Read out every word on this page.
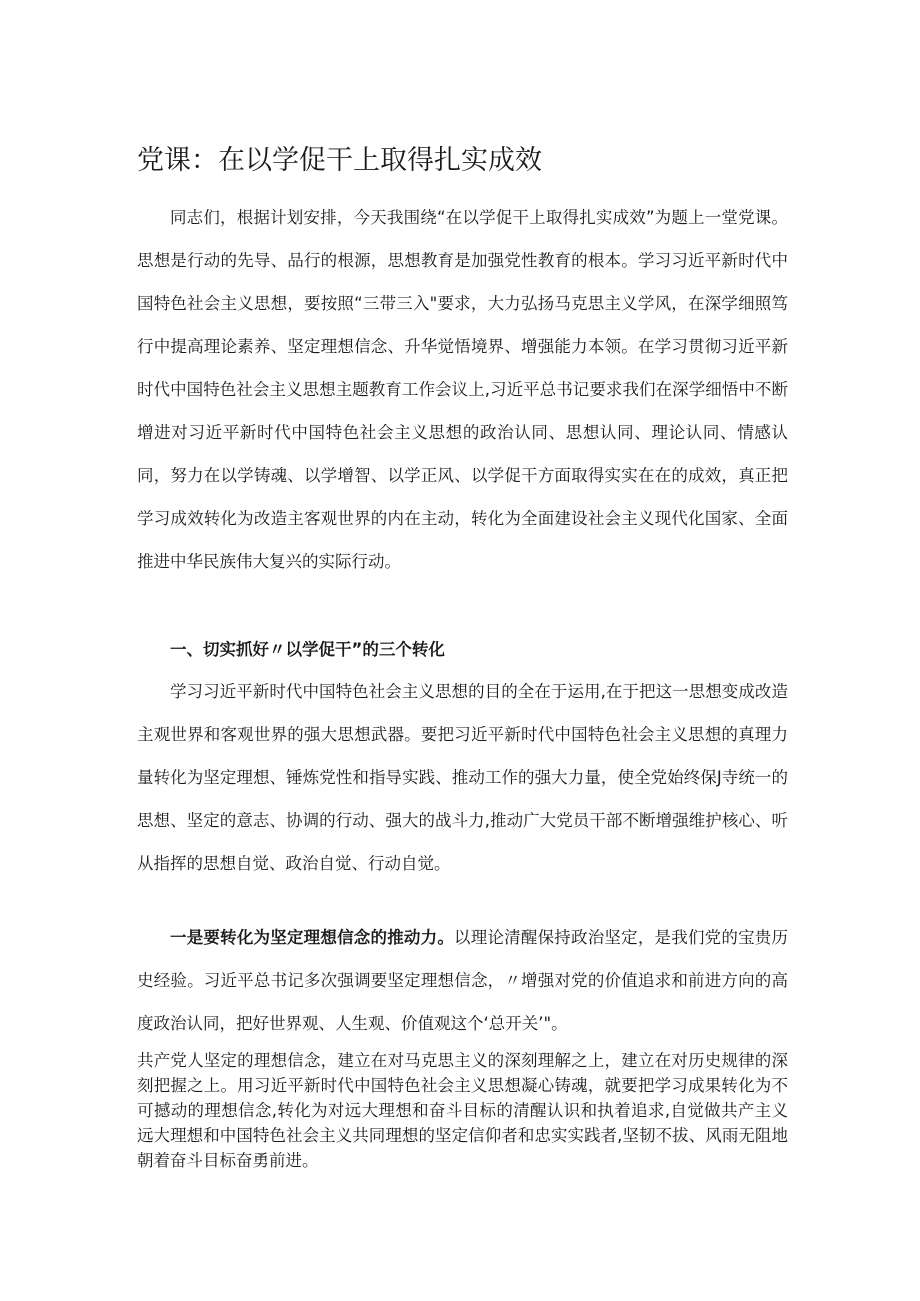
党课：在以学促干上取得扎实成效

同志们，根据计划安排，今天我围绕“在以学促干上取得扎实成效”为题上一堂党课。思想是行动的先导、品行的根源，思想教育是加强党性教育的根本。学习习近平新时代中国特色社会主义思想，要按照“三带三入"要求，大力弘扬马克思主义学风，在深学细照笃行中提高理论素养、坚定理想信念、升华觉悟境界、增强能力本领。在学习贯彻习近平新时代中国特色社会主义思想主题教育工作会议上,习近平总书记要求我们在深学细悟中不断增进对习近平新时代中国特色社会主义思想的政治认同、思想认同、理论认同、情感认同，努力在以学铸魂、以学增智、以学正风、以学促干方面取得实实在在的成效，真正把学习成效转化为改造主客观世界的内在主动，转化为全面建设社会主义现代化国家、全面推进中华民族伟大复兴的实际行动。

一、切实抓好〃以学促干”的三个转化

学习习近平新时代中国特色社会主义思想的目的全在于运用,在于把这一思想变成改造主观世界和客观世界的强大思想武器。要把习近平新时代中国特色社会主义思想的真理力量转化为坚定理想、锤炼党性和指导实践、推动工作的强大力量，使全党始终保J寺统一的思想、坚定的意志、协调的行动、强大的战斗力,推动广大党员干部不断增强维护核心、听从指挥的思想自觉、政治自觉、行动自觉。

一是要转化为坚定理想信念的推动力。以理论清醒保持政治坚定，是我们党的宝贵历史经验。习近平总书记多次强调要坚定理想信念，〃增强对党的价值追求和前进方向的高度政治认同，把好世界观、人生观、价值观这个‘总开关’"。

共产党人坚定的理想信念，建立在对马克思主义的深刻理解之上，建立在对历史规律的深刻把握之上。用习近平新时代中国特色社会主义思想凝心铸魂，就要把学习成果转化为不可撼动的理想信念,转化为对远大理想和奋斗目标的清醒认识和执着追求,自觉做共产主义远大理想和中国特色社会主义共同理想的坚定信仰者和忠实实践者,坚韧不拔、风雨无阻地朝着奋斗目标奋勇前进。
